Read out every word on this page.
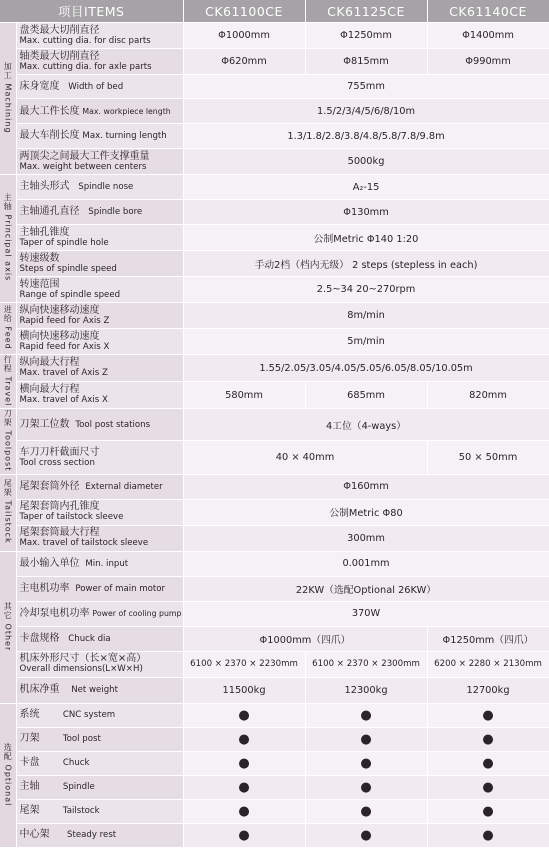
项目ITEMS		CK61100CE	CK61125CE	CK61140CE
加工 Machining	盘类最大切削直径
Max. cutting dia. for disc parts	Φ1000mm	Φ1250mm	Φ1400mm

	轴类最大切削直径
Max. cutting dia. for axle parts	Φ620mm	Φ815mm	Φ990mm
	床身宽度 Width of bed	755mm		
	最大工件长度 Max. workpiece length	1.5/2/3/4/5/6/8/10m		
	最大车削长度 Max. turning length	1.3/1.8/2.8/3.8/4.8/5.8/7.8/9.8m		

	两顶尖之间最大工件支撑重量
Max. weight between centers	5000kg		
主轴 Principal axis	主轴头形式 Spindle nose	A₂-15		
	主轴通孔直径 Spindle bore	Φ130mm		

	主轴孔锥度
Taper of spindle hole	公制Metric Φ140 1:20		

	转速级数
Steps of spindle speed	手动2档（档内无级） 2 steps (stepless in each)		

	转速范围
Range of spindle speed	2.5~34 20~270rpm		
进给 Feed	纵向快速移动速度
Rapid feed for Axis Z	8m/min		

	横向快速移动速度
Rapid feed for Axis X	5m/min		
行程 Travel	纵向最大行程
Max. travel of Axis Z	1.55/2.05/3.05/4.05/5.05/6.05/8.05/10.05m		

	横向最大行程
Max. travel of Axis X	580mm	685mm	820mm
刀架 Toolpost	刀架工位数 Tool post stations	4工位（4-ways）		

	车刀刀杆截面尺寸
Tool cross section	40 × 40mm		50 × 50mm
尾架 Tailstock	尾架套筒外径 External diameter	Φ160mm		

	尾架套筒内孔锥度
Taper of tailstock sleeve	公制Metric Φ80		

	尾架套筒最大行程
Max. travel of tailstock sleeve	300mm		
其它 Other	最小输入单位 Min. input	0.001mm		
	主电机功率 Power of main motor	22KW（选配Optional 26KW）		
	冷却泵电机功率 Power of cooling pump	370W		
	卡盘规格 Chuck dia	Φ1000mm（四爪）		Φ1250mm（四爪）

	机床外形尺寸（长×宽×高）
Overall dimensions(L×W×H)	6100 × 2370 × 2230mm	6100 × 2370 × 2300mm	6200 × 2280 × 2130mm
	机床净重 Net weight	11500kg	12300kg	12700kg
选配 Optional	系统 CNC system	●	●	●
	刀架 Tool post	●	●	●
	卡盘 Chuck	●	●	●
	主轴 Spindle	●	●	●
	尾架 Tailstock	●	●	●
	中心架 Steady rest	●	●	●
